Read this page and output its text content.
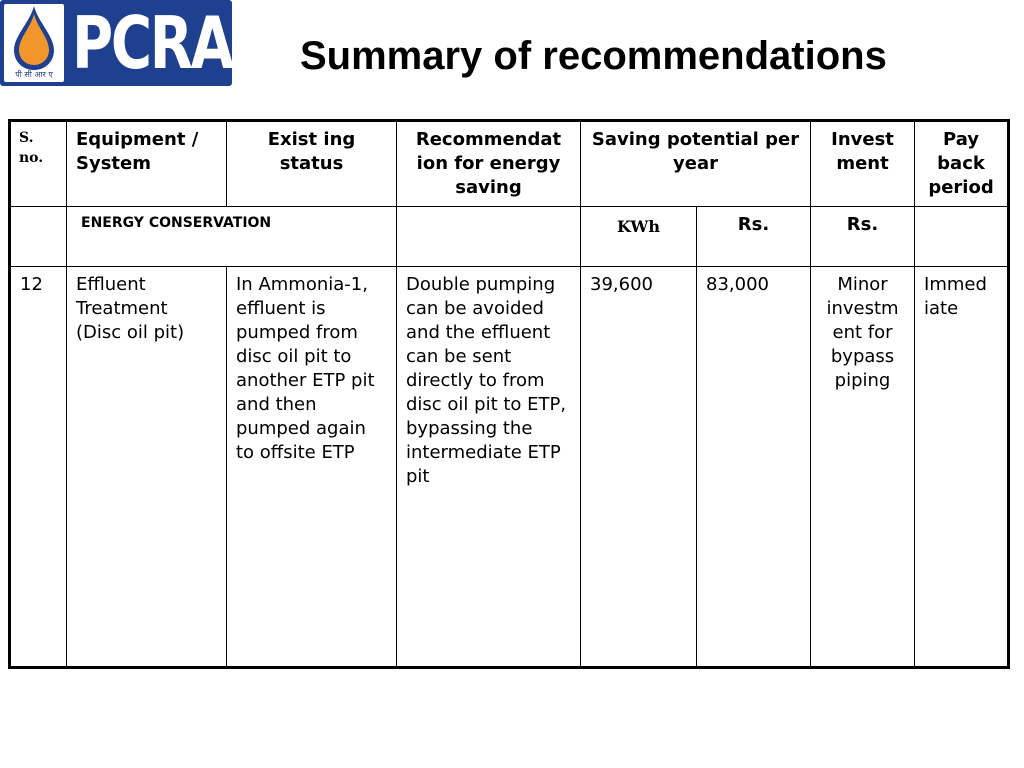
पी सी आर ए PCRA Summary of recommendations
S. no.	Equipment / System	Exist ing status	Recommendat ion for energy saving	Saving potential per year		Invest ment	Pay back period
	ENERGY CONSERVATION			KWh	Rs.	Rs.	
12	Effluent Treatment (Disc oil pit)	In Ammonia-1, effluent is pumped from disc oil pit to another ETP pit and then pumped again to offsite ETP	Double pumping can be avoided and the effluent can be sent directly to from disc oil pit to ETP, bypassing the intermediate ETP pit	39,600	83,000	Minor investm ent for bypass piping	Immed iate
